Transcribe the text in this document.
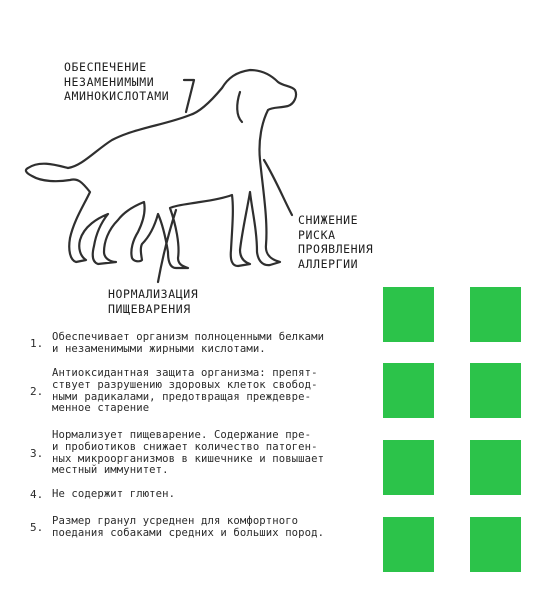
ОБЕСПЕЧЕНИЕ
НЕЗАМЕНИМЫМИ
АМИНОКИСЛОТАМИ
СНИЖЕНИЕ
РИСКА
ПРОЯВЛЕНИЯ
АЛЛЕРГИИ
НОРМАЛИЗАЦИЯ
ПИЩЕВАРЕНИЯ
1.
Обеспечивает организм полноценными белками
и незаменимыми жирными кислотами.
2.
Антиоксидантная защита организма: препят-
ствует разрушению здоровых клеток свобод-
ными радикалами, предотвращая преждевре-
менное старение
3.
Нормализует пищеварение. Содержание пре-
и пробиотиков снижает количество патоген-
ных микроорганизмов в кишечнике и повышает
местный иммунитет.
4. Не содержит глютен.
5.
Размер гранул усреднен для комфортного
поедания собаками средних и больших пород.
